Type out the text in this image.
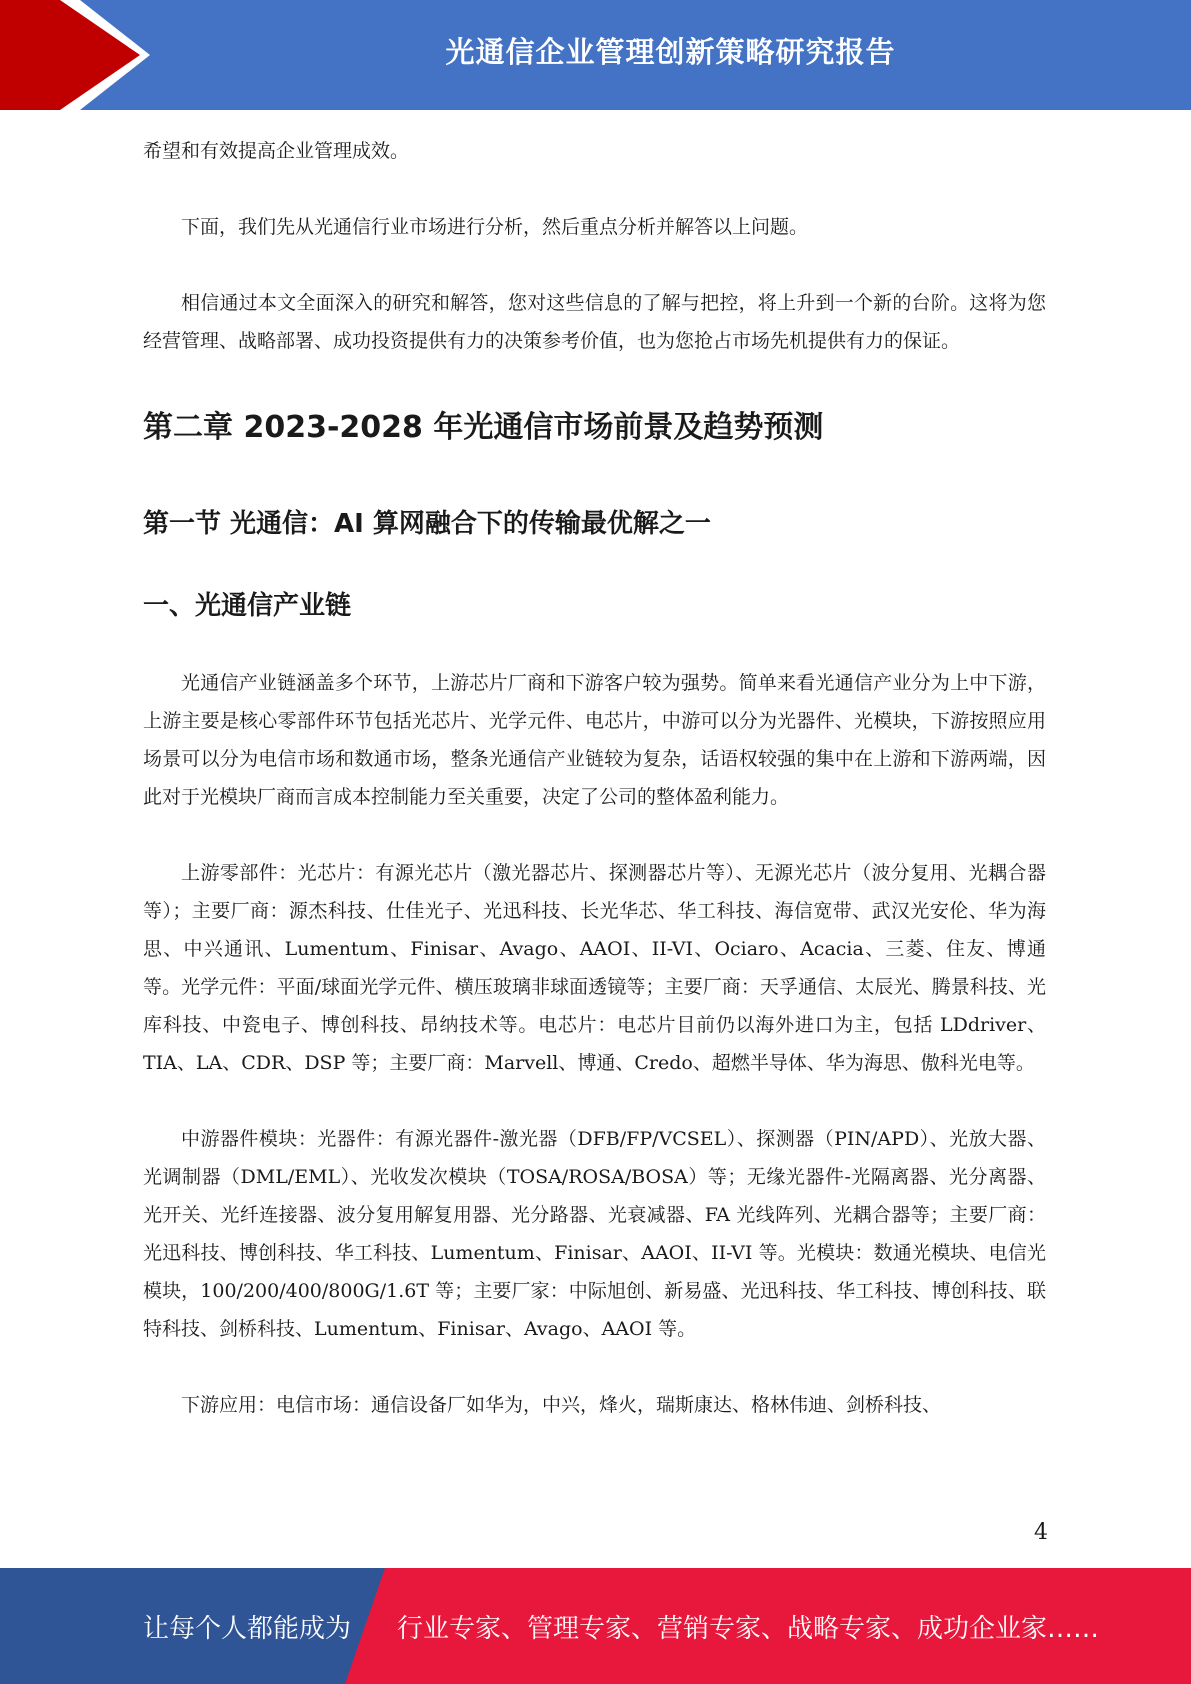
光通信企业管理创新策略研究报告

希望和有效提高企业管理成效。

下面，我们先从光通信行业市场进行分析，然后重点分析并解答以上问题。

相信通过本文全面深入的研究和解答，您对这些信息的了解与把控，将上升到一个新的台阶。这将为您经营管理、战略部署、成功投资提供有力的决策参考价值，也为您抢占市场先机提供有力的保证。

第二章 2023-2028 年光通信市场前景及趋势预测
第一节 光通信：AI 算网融合下的传输最优解之一
一、光通信产业链

光通信产业链涵盖多个环节，上游芯片厂商和下游客户较为强势。简单来看光通信产业分为上中下游，上游主要是核心零部件环节包括光芯片、光学元件、电芯片，中游可以分为光器件、光模块，下游按照应用场景可以分为电信市场和数通市场，整条光通信产业链较为复杂，话语权较强的集中在上游和下游两端，因此对于光模块厂商而言成本控制能力至关重要，决定了公司的整体盈利能力。

上游零部件：光芯片：有源光芯片（激光器芯片、探测器芯片等）、无源光芯片（波分复用、光耦合器等）；主要厂商：源杰科技、仕佳光子、光迅科技、长光华芯、华工科技、海信宽带、武汉光安伦、华为海思、中兴通讯、Lumentum、Finisar、Avago、AAOI、II-VI、Ociaro、Acacia、三菱、住友、博通等。光学元件：平面/球面光学元件、横压玻璃非球面透镜等；主要厂商：天孚通信、太辰光、腾景科技、光库科技、中瓷电子、博创科技、昂纳技术等。电芯片：电芯片目前仍以海外进口为主，包括 LDdriver、TIA、LA、CDR、DSP 等；主要厂商：Marvell、博通、Credo、超燃半导体、华为海思、傲科光电等。

中游器件模块：光器件：有源光器件-激光器（DFB/FP/VCSEL）、探测器（PIN/APD）、光放大器、光调制器（DML/EML）、光收发次模块（TOSA/ROSA/BOSA）等；无缘光器件-光隔离器、光分离器、光开关、光纤连接器、波分复用解复用器、光分路器、光衰减器、FA 光线阵列、光耦合器等；主要厂商：光迅科技、博创科技、华工科技、Lumentum、Finisar、AAOI、II-VI 等。光模块：数通光模块、电信光模块，100/200/400/800G/1.6T 等；主要厂家：中际旭创、新易盛、光迅科技、华工科技、博创科技、联特科技、剑桥科技、Lumentum、Finisar、Avago、AAOI 等。

下游应用：电信市场：通信设备厂如华为，中兴，烽火，瑞斯康达、格林伟迪、剑桥科技、

4
让每个人都能成为 行业专家、管理专家、营销专家、战略专家、成功企业家……
